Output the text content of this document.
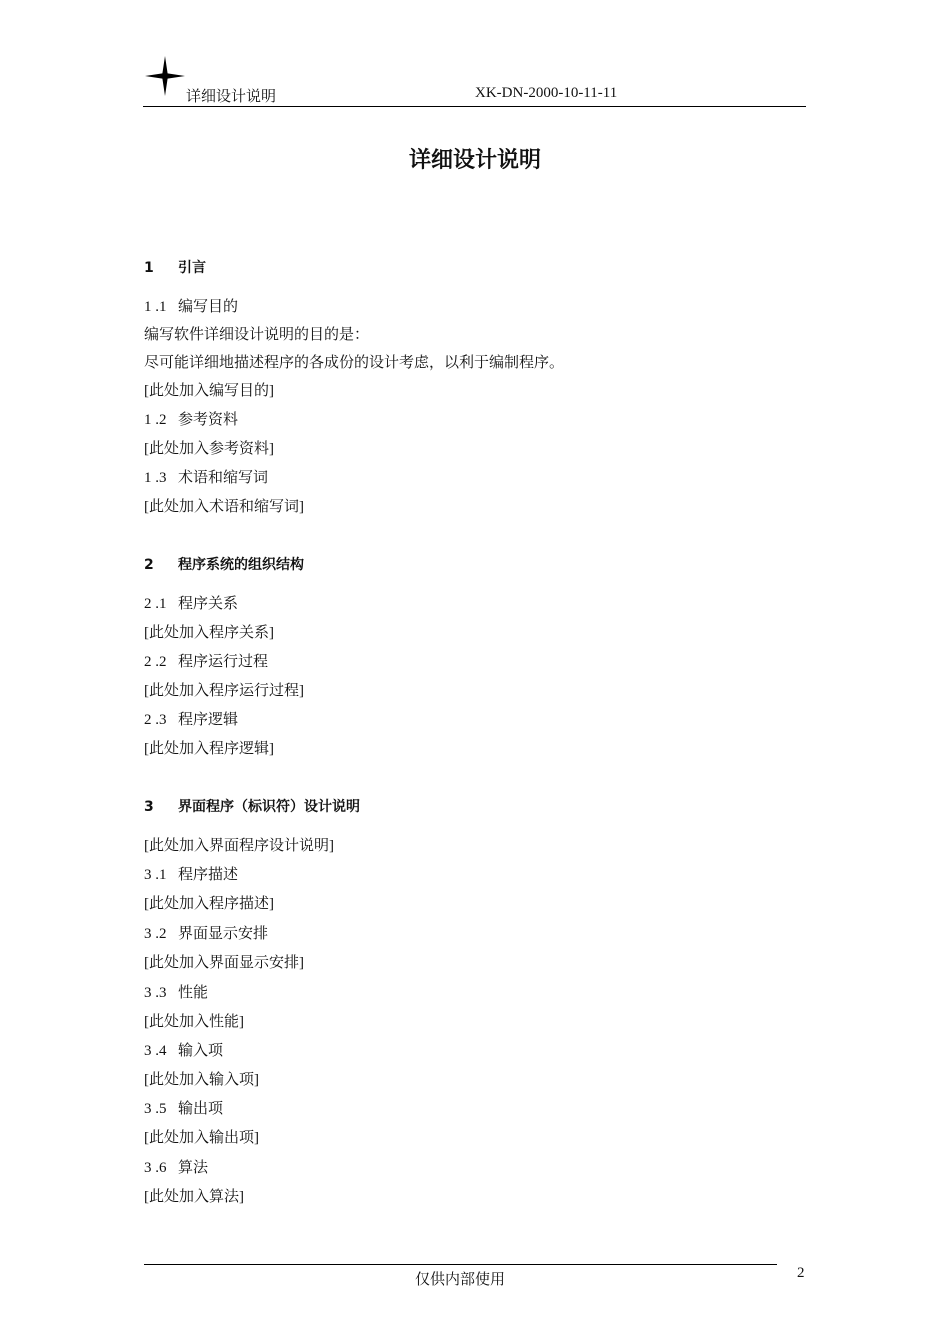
详细设计说明	XK-DN-2000-10-11-11
详细设计说明
1 引言
1 .1 编写目的
编写软件详细设计说明的目的是：
尽可能详细地描述程序的各成份的设计考虑，以利于编制程序。
[此处加入编写目的]
1 .2 参考资料
[此处加入参考资料]
1 .3 术语和缩写词
[此处加入术语和缩写词]
2 程序系统的组织结构
2 .1 程序关系
[此处加入程序关系]
2 .2 程序运行过程
[此处加入程序运行过程]
2 .3 程序逻辑
[此处加入程序逻辑]
3 界面程序（标识符）设计说明
[此处加入界面程序设计说明]
3 .1 程序描述
[此处加入程序描述]
3 .2 界面显示安排
[此处加入界面显示安排]
3 .3 性能
[此处加入性能]
3 .4 输入项
[此处加入输入项]
3 .5 输出项
[此处加入输出项]
3 .6 算法
[此处加入算法]
仅供内部使用	2
